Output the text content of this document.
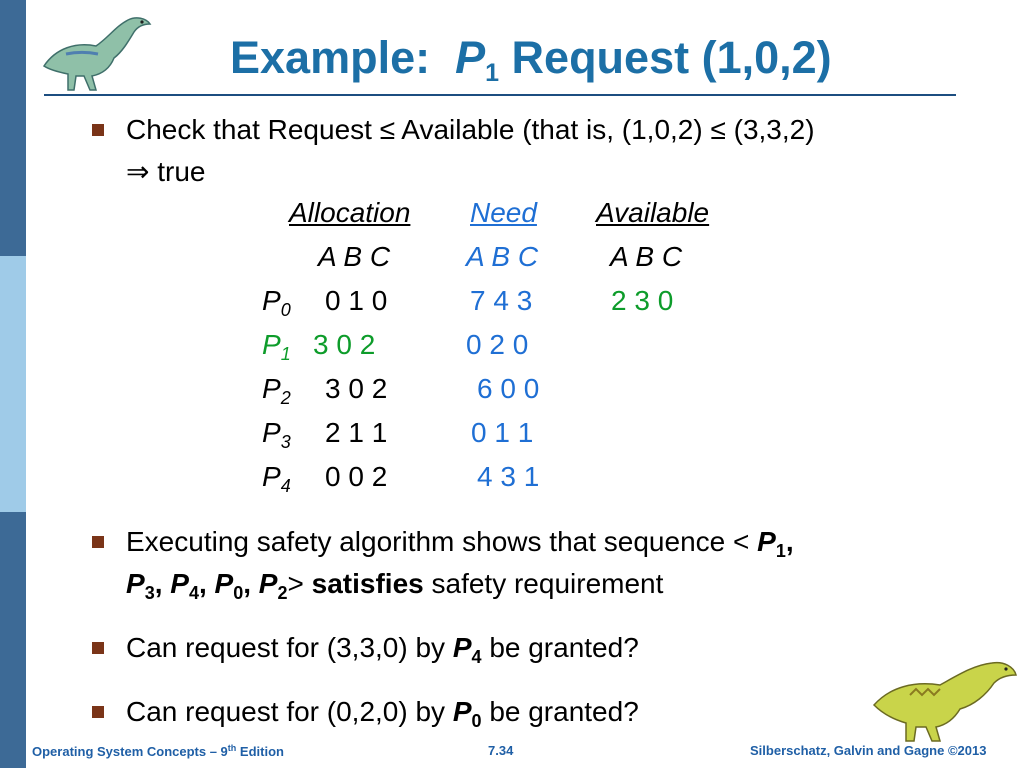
Example: $P_1$ Request (1,0,2)
Check that Request ≤ Available (that is, (1,0,2) ≤ (3,3,2)
⇒ true
Allocation Need Available
A B C	A B C	A B C
$P_0$ 0 1 0	7 4 3	2 3 0
$P_1$ 3 0 2	0 2 0
$P_2$ 3 0 2	6 0 0
$P_3$ 2 1 1	0 1 1
$P_4$ 0 0 2	4 3 1
Executing safety algorithm shows that sequence < $P_1$,
$P_3$, $P_4$, $P_0$, $P_2>$ satisfies safety requirement
Can request for (3,3,0) by $P_4$ be granted?
Can request for (0,2,0) by $P_0$ be granted?
Operating System Concepts – 9th Edition	7.34	Silberschatz, Galvin and Gagne ©2013
